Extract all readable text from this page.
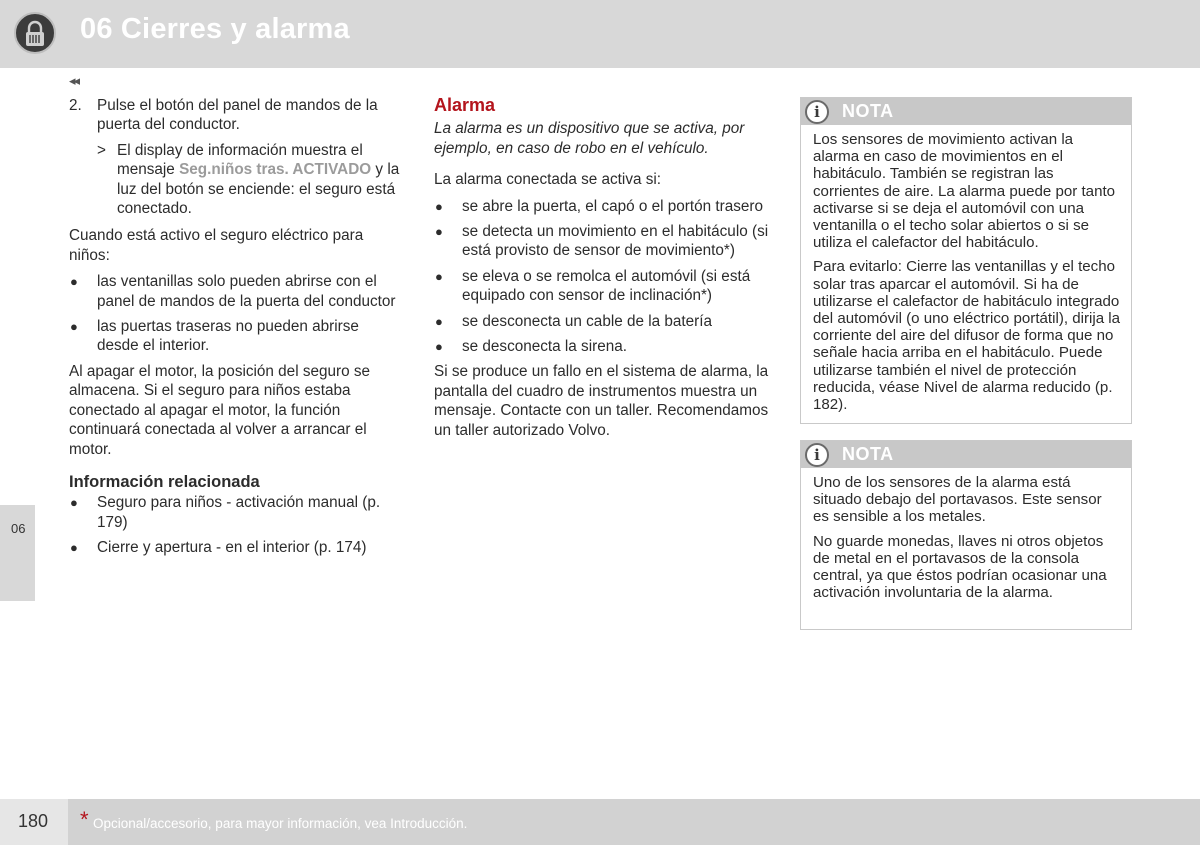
06 Cierres y alarma
◂◂
06
2. Pulse el botón del panel de mandos de la puerta del conductor.
> El display de información muestra el mensaje Seg.niños tras. ACTIVADO y la luz del botón se enciende: el seguro está conectado.

Cuando está activo el seguro eléctrico para niños:

● las ventanillas solo pueden abrirse con el panel de mandos de la puerta del conductor
● las puertas traseras no pueden abrirse desde el interior.

Al apagar el motor, la posición del seguro se almacena. Si el seguro para niños estaba conectado al apagar el motor, la función continuará conectada al volver a arrancar el motor.

Información relacionada
● Seguro para niños - activación manual (p. 179)
● Cierre y apertura - en el interior (p. 174)
Alarma

La alarma es un dispositivo que se activa, por ejemplo, en caso de robo en el vehículo.

La alarma conectada se activa si:

● se abre la puerta, el capó o el portón trasero
● se detecta un movimiento en el habitáculo (si está provisto de sensor de movimiento*)
● se eleva o se remolca el automóvil (si está equipado con sensor de inclinación*)
● se desconecta un cable de la batería
● se desconecta la sirena.

Si se produce un fallo en el sistema de alarma, la pantalla del cuadro de instrumentos muestra un mensaje. Contacte con un taller. Recomendamos un taller autorizado Volvo.

i	NOTA

Los sensores de movimiento activan la alarma en caso de movimientos en el habitáculo. También se registran las corrientes de aire. La alarma puede por tanto activarse si se deja el automóvil con una ventanilla o el techo solar abiertos o si se utiliza el calefactor del habitáculo.

Para evitarlo: Cierre las ventanillas y el techo solar tras aparcar el automóvil. Si ha de utilizarse el calefactor de habitáculo integrado del automóvil (o uno eléctrico portátil), dirija la corriente del aire del difusor de forma que no señale hacia arriba en el habitáculo. Puede utilizarse también el nivel de protección reducida, véase Nivel de alarma reducido (p. 182).

i	NOTA

Uno de los sensores de la alarma está situado debajo del portavasos. Este sensor es sensible a los metales.

No guarde monedas, llaves ni otros objetos de metal en el portavasos de la consola central, ya que éstos podrían ocasionar una activación involuntaria de la alarma.

180 * Opcional/accesorio, para mayor información, vea Introducción.
